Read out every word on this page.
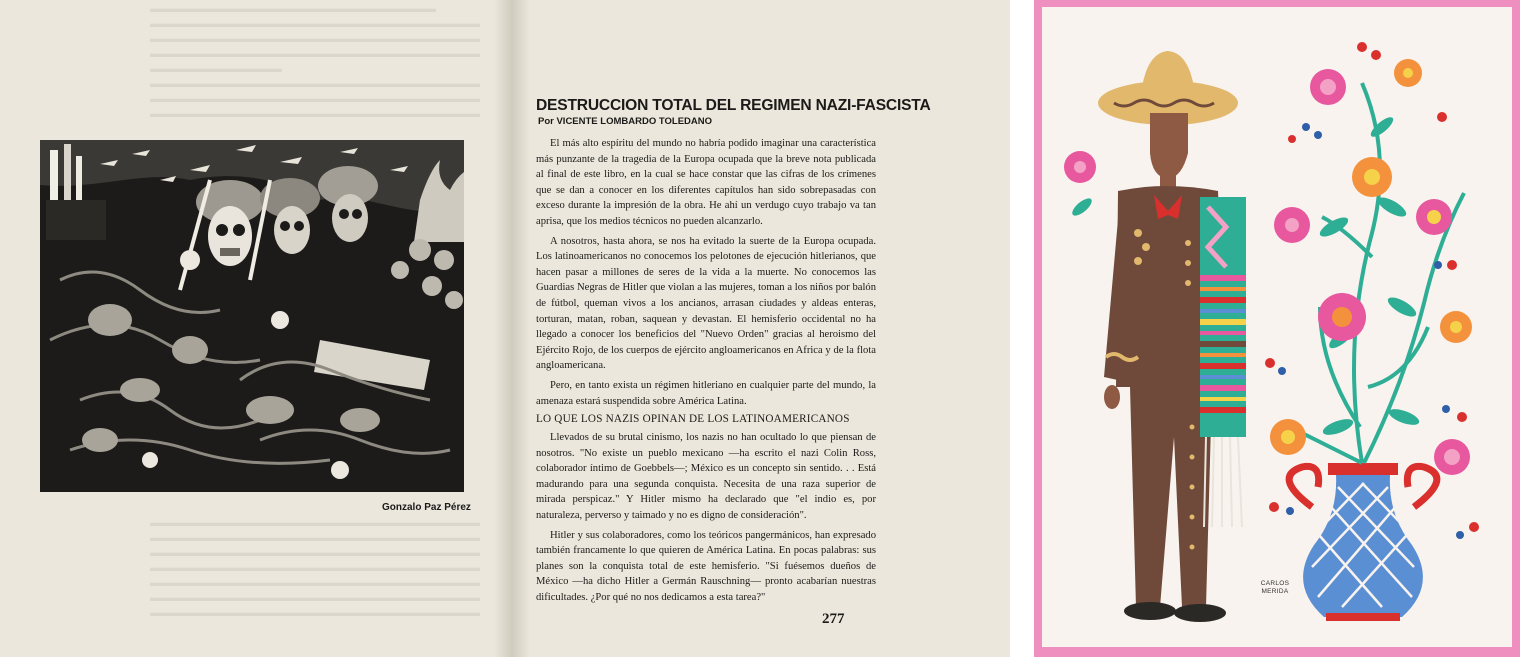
▬▬▬▬▬▬▬▬▬▬▬▬▬▬▬▬▬▬▬▬▬▬▬▬▬▬
▬▬▬▬▬▬▬▬▬▬▬▬▬▬▬▬▬▬▬▬▬▬▬▬▬▬▬▬▬▬
▬▬▬▬▬▬▬▬▬▬▬▬▬▬▬▬▬▬▬▬▬▬▬▬▬▬▬▬▬▬
▬▬▬▬▬▬▬▬▬▬▬▬▬▬▬▬▬▬▬▬▬▬▬▬▬▬▬▬▬▬
▬▬▬▬▬▬▬▬▬▬▬▬
▬▬▬▬▬▬▬▬▬▬▬▬▬▬▬▬▬▬▬▬▬▬▬▬▬▬▬▬▬▬
▬▬▬▬▬▬▬▬▬▬▬▬▬▬▬▬▬▬▬▬▬▬▬▬▬▬▬▬▬▬
▬▬▬▬▬▬▬▬▬▬▬▬▬▬▬▬▬▬▬▬▬▬▬▬▬▬▬▬▬▬
▬▬▬▬▬▬▬▬▬▬▬▬▬▬▬▬▬▬▬▬▬▬▬▬▬▬▬▬▬▬
▬▬▬▬▬▬▬▬▬▬▬▬▬▬▬▬▬▬▬▬▬▬▬▬▬▬▬▬▬▬
▬▬▬▬▬▬▬▬▬▬▬▬▬▬▬▬▬▬▬▬▬▬▬▬▬▬▬▬▬▬
▬▬▬▬▬▬▬▬▬▬▬▬▬▬▬▬▬▬▬▬▬▬▬▬▬▬▬▬▬▬
▬▬▬▬▬▬▬▬▬▬▬▬▬▬▬▬▬▬▬▬▬▬▬▬▬▬▬▬▬▬
▬▬▬▬▬▬▬▬▬▬▬▬▬▬▬▬▬▬▬▬▬▬▬▬▬▬▬▬▬▬
▬▬▬▬▬▬▬▬▬▬▬▬▬▬▬▬▬▬▬▬▬▬▬▬▬▬▬▬▬▬
Gonzalo Paz Pérez
DESTRUCCION TOTAL DEL REGIMEN NAZI-FASCISTA
Por VICENTE LOMBARDO TOLEDANO

El más alto espíritu del mundo no habría podido imaginar una característica más punzante de la tragedia de la Europa ocupada que la breve nota publicada al final de este libro, en la cual se hace constar que las cifras de los crímenes que se dan a conocer en los diferentes capítulos han sido sobrepasadas con exceso durante la impresión de la obra. He ahí un verdugo cuyo trabajo va tan aprisa, que los medios técnicos no pueden alcanzarlo.

A nosotros, hasta ahora, se nos ha evitado la suerte de la Europa ocupada. Los latinoamericanos no conocemos los pelotones de ejecución hitlerianos, que hacen pasar a millones de seres de la vida a la muerte. No conocemos las Guardias Negras de Hitler que violan a las mujeres, toman a los niños por balón de fútbol, queman vivos a los ancianos, arrasan ciudades y aldeas enteras, torturan, matan, roban, saquean y devastan. El hemisferio occidental no ha llegado a conocer los beneficios del "Nuevo Orden" gracias al heroismo del Ejército Rojo, de los cuerpos de ejército angloamericanos en Africa y de la flota angloamericana.

Pero, en tanto exista un régimen hitleriano en cualquier parte del mundo, la amenaza estará suspendida sobre América Latina.

LO QUE LOS NAZIS OPINAN DE LOS LATINOAMERICANOS

Llevados de su brutal cinismo, los nazis no han ocultado lo que piensan de nosotros. "No existe un pueblo mexicano —ha escrito el nazi Colin Ross, colaborador íntimo de Goebbels—; México es un concepto sin sentido. . . Está madurando para una segunda conquista. Necesita de una raza superior de mirada perspicaz." Y Hitler mismo ha declarado que "el indio es, por naturaleza, perverso y taimado y no es digno de consideración".

Hitler y sus colaboradores, como los teóricos pangermánicos, han expresado también francamente lo que quieren de América Latina. En pocas palabras: sus planes son la conquista total de este hemisferio. "Si fuésemos dueños de México —ha dicho Hitler a Germán Rauschning— pronto acabarían nuestras dificultades. ¿Por qué no nos dedicamos a esta tarea?"

277
CARLOS
MERIDA
